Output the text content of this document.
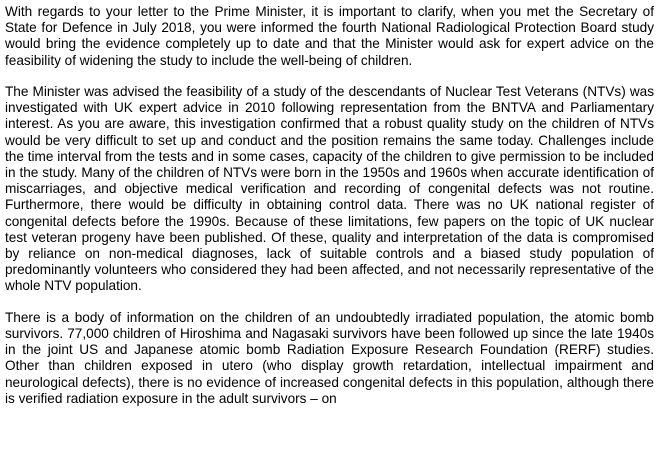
With regards to your letter to the Prime Minister, it is important to clarify, when you met the Secretary of State for Defence in July 2018, you were informed the fourth National Radiological Protection Board study would bring the evidence completely up to date and that the Minister would ask for expert advice on the feasibility of widening the study to include the well-being of children.

The Minister was advised the feasibility of a study of the descendants of Nuclear Test Veterans (NTVs) was investigated with UK expert advice in 2010 following representation from the BNTVA and Parliamentary interest. As you are aware, this investigation confirmed that a robust quality study on the children of NTVs would be very difficult to set up and conduct and the position remains the same today. Challenges include the time interval from the tests and in some cases, capacity of the children to give permission to be included in the study. Many of the children of NTVs were born in the 1950s and 1960s when accurate identification of miscarriages, and objective medical verification and recording of congenital defects was not routine. Furthermore, there would be difficulty in obtaining control data. There was no UK national register of congenital defects before the 1990s. Because of these limitations, few papers on the topic of UK nuclear test veteran progeny have been published. Of these, quality and interpretation of the data is compromised by reliance on non-medical diagnoses, lack of suitable controls and a biased study population of predominantly volunteers who considered they had been affected, and not necessarily representative of the whole NTV population.

There is a body of information on the children of an undoubtedly irradiated population, the atomic bomb survivors. 77,000 children of Hiroshima and Nagasaki survivors have been followed up since the late 1940s in the joint US and Japanese atomic bomb Radiation Exposure Research Foundation (RERF) studies. Other than children exposed in utero (who display growth retardation, intellectual impairment and neurological defects), there is no evidence of increased congenital defects in this population, although there is verified radiation exposure in the adult survivors – on
